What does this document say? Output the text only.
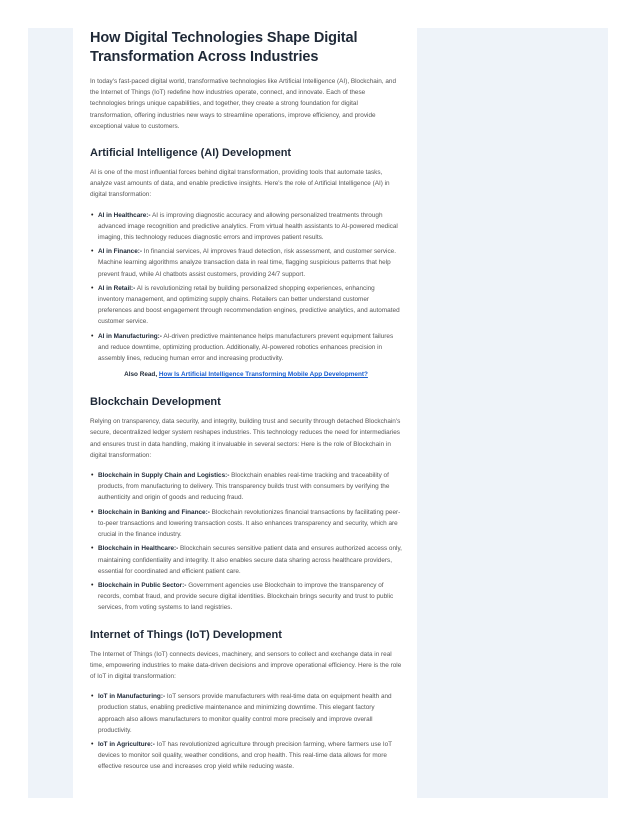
How Digital Technologies Shape Digital Transformation Across Industries

In today's fast-paced digital world, transformative technologies like Artificial Intelligence (AI), Blockchain, and the Internet of Things (IoT) redefine how industries operate, connect, and innovate. Each of these technologies brings unique capabilities, and together, they create a strong foundation for digital transformation, offering industries new ways to streamline operations, improve efficiency, and provide exceptional value to customers.

Artificial Intelligence (AI) Development

AI is one of the most influential forces behind digital transformation, providing tools that automate tasks, analyze vast amounts of data, and enable predictive insights. Here's the role of Artificial Intelligence (AI) in digital transformation:

• AI in Healthcare:- AI is improving diagnostic accuracy and allowing personalized treatments through advanced image recognition and predictive analytics. From virtual health assistants to AI-powered medical imaging, this technology reduces diagnostic errors and improves patient results.
• AI in Finance:- In financial services, AI improves fraud detection, risk assessment, and customer service. Machine learning algorithms analyze transaction data in real time, flagging suspicious patterns that help prevent fraud, while AI chatbots assist customers, providing 24/7 support.
• AI in Retail:- AI is revolutionizing retail by building personalized shopping experiences, enhancing inventory management, and optimizing supply chains. Retailers can better understand customer preferences and boost engagement through recommendation engines, predictive analytics, and automated customer service.
• AI in Manufacturing:- AI-driven predictive maintenance helps manufacturers prevent equipment failures and reduce downtime, optimizing production. Additionally, AI-powered robotics enhances precision in assembly lines, reducing human error and increasing productivity.
Also Read, How Is Artificial Intelligence Transforming Mobile App Development?
Blockchain Development

Relying on transparency, data security, and integrity, building trust and security through detached Blockchain's secure, decentralized ledger system reshapes industries. This technology reduces the need for intermediaries and ensures trust in data handling, making it invaluable in several sectors: Here is the role of Blockchain in digital transformation:

• Blockchain in Supply Chain and Logistics:- Blockchain enables real-time tracking and traceability of products, from manufacturing to delivery. This transparency builds trust with consumers by verifying the authenticity and origin of goods and reducing fraud.
• Blockchain in Banking and Finance:- Blockchain revolutionizes financial transactions by facilitating peer-to-peer transactions and lowering transaction costs. It also enhances transparency and security, which are crucial in the finance industry.
• Blockchain in Healthcare:- Blockchain secures sensitive patient data and ensures authorized access only, maintaining confidentiality and integrity. It also enables secure data sharing across healthcare providers, essential for coordinated and efficient patient care.
• Blockchain in Public Sector:- Government agencies use Blockchain to improve the transparency of records, combat fraud, and provide secure digital identities. Blockchain brings security and trust to public services, from voting systems to land registries.
Internet of Things (IoT) Development

The Internet of Things (IoT) connects devices, machinery, and sensors to collect and exchange data in real time, empowering industries to make data-driven decisions and improve operational efficiency. Here is the role of IoT in digital transformation:

• IoT in Manufacturing:- IoT sensors provide manufacturers with real-time data on equipment health and production status, enabling predictive maintenance and minimizing downtime. This elegant factory approach also allows manufacturers to monitor quality control more precisely and improve overall productivity.
• IoT in Agriculture:- IoT has revolutionized agriculture through precision farming, where farmers use IoT devices to monitor soil quality, weather conditions, and crop health. This real-time data allows for more effective resource use and increases crop yield while reducing waste.
